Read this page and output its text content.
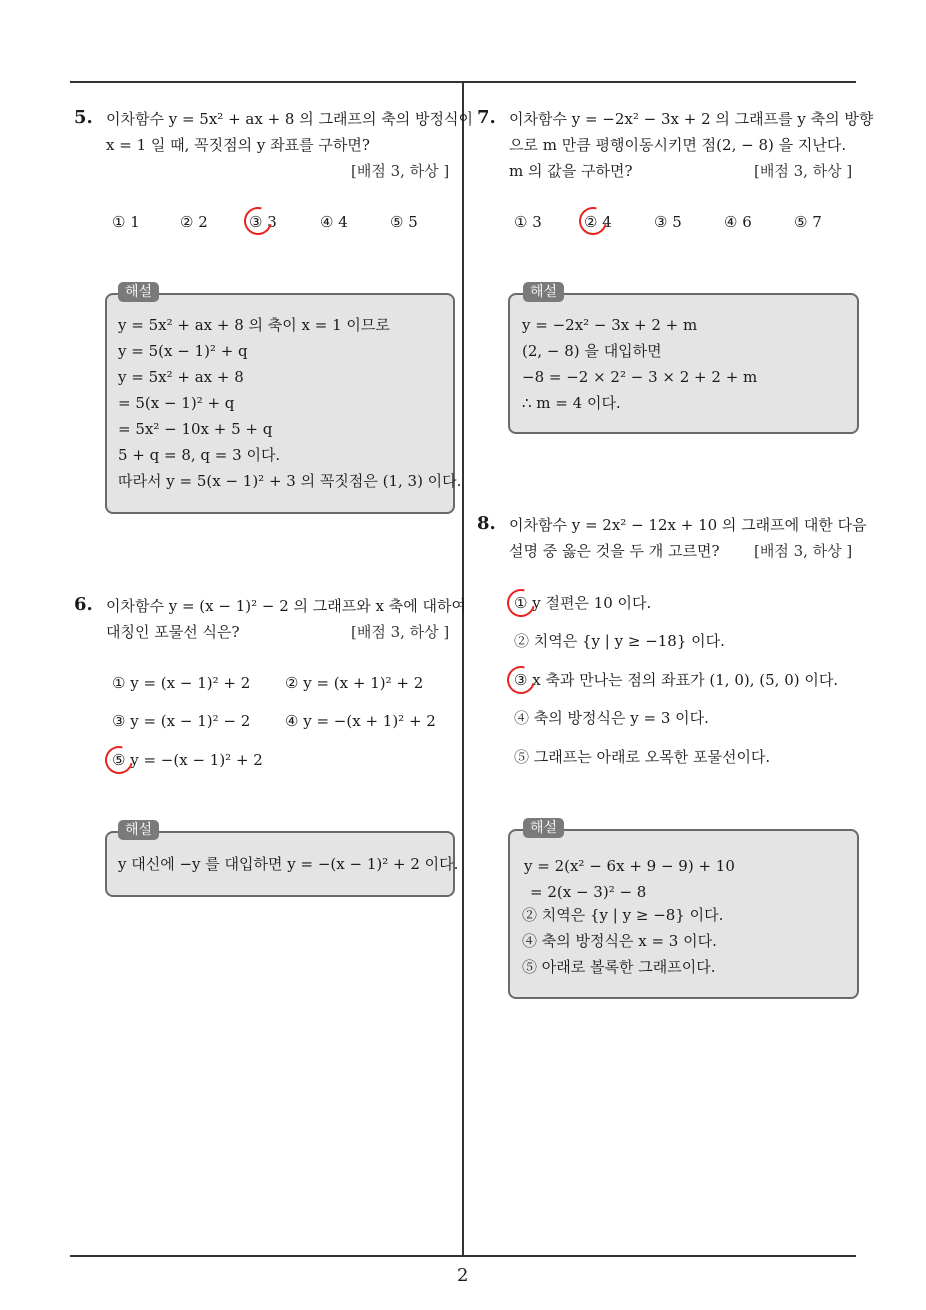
5. 이차함수 y = 5x² + ax + 8 의 그래프의 축의 방정식이
x = 1 일 때, 꼭짓점의 y 좌표를 구하면?
[배점 3, 하상 ]
① 1	② 2	③ 3	④ 4	⑤ 5
해설
y = 5x² + ax + 8 의 축이 x = 1 이므로
y = 5(x − 1)² + q
y = 5x² + ax + 8
= 5(x − 1)² + q
= 5x² − 10x + 5 + q
5 + q = 8, q = 3 이다.
따라서 y = 5(x − 1)² + 3 의 꼭짓점은 (1, 3) 이다.
6. 이차함수 y = (x − 1)² − 2 의 그래프와 x 축에 대하여
대칭인 포물선 식은?	[배점 3, 하상 ]
① y = (x − 1)² + 2 ② y = (x + 1)² + 2
③ y = (x − 1)² − 2 ④ y = −(x + 1)² + 2
⑤ y = −(x − 1)² + 2
해설
y 대신에 −y 를 대입하면 y = −(x − 1)² + 2 이다.
7. 이차함수 y = −2x² − 3x + 2 의 그래프를 y 축의 방향
으로 m 만큼 평행이동시키면 점(2, − 8) 을 지난다.
m 의 값을 구하면?	[배점 3, 하상 ]
① 3	② 4	③ 5	④ 6	⑤ 7
해설
y = −2x² − 3x + 2 + m
(2, − 8) 을 대입하면
−8 = −2 × 2² − 3 × 2 + 2 + m
∴ m = 4 이다.
8. 이차함수 y = 2x² − 12x + 10 의 그래프에 대한 다음
설명 중 옳은 것을 두 개 고르면? [배점 3, 하상 ]
① y 절편은 10 이다.
② 치역은 {y | y ≥ −18} 이다.
③ x 축과 만나는 점의 좌표가 (1, 0), (5, 0) 이다.
④ 축의 방정식은 y = 3 이다.
⑤ 그래프는 아래로 오목한 포물선이다.
해설
y = 2(x² − 6x + 9 − 9) + 10
= 2(x − 3)² − 8
② 치역은 {y | y ≥ −8} 이다.
④ 축의 방정식은 x = 3 이다.
⑤ 아래로 볼록한 그래프이다.
2
